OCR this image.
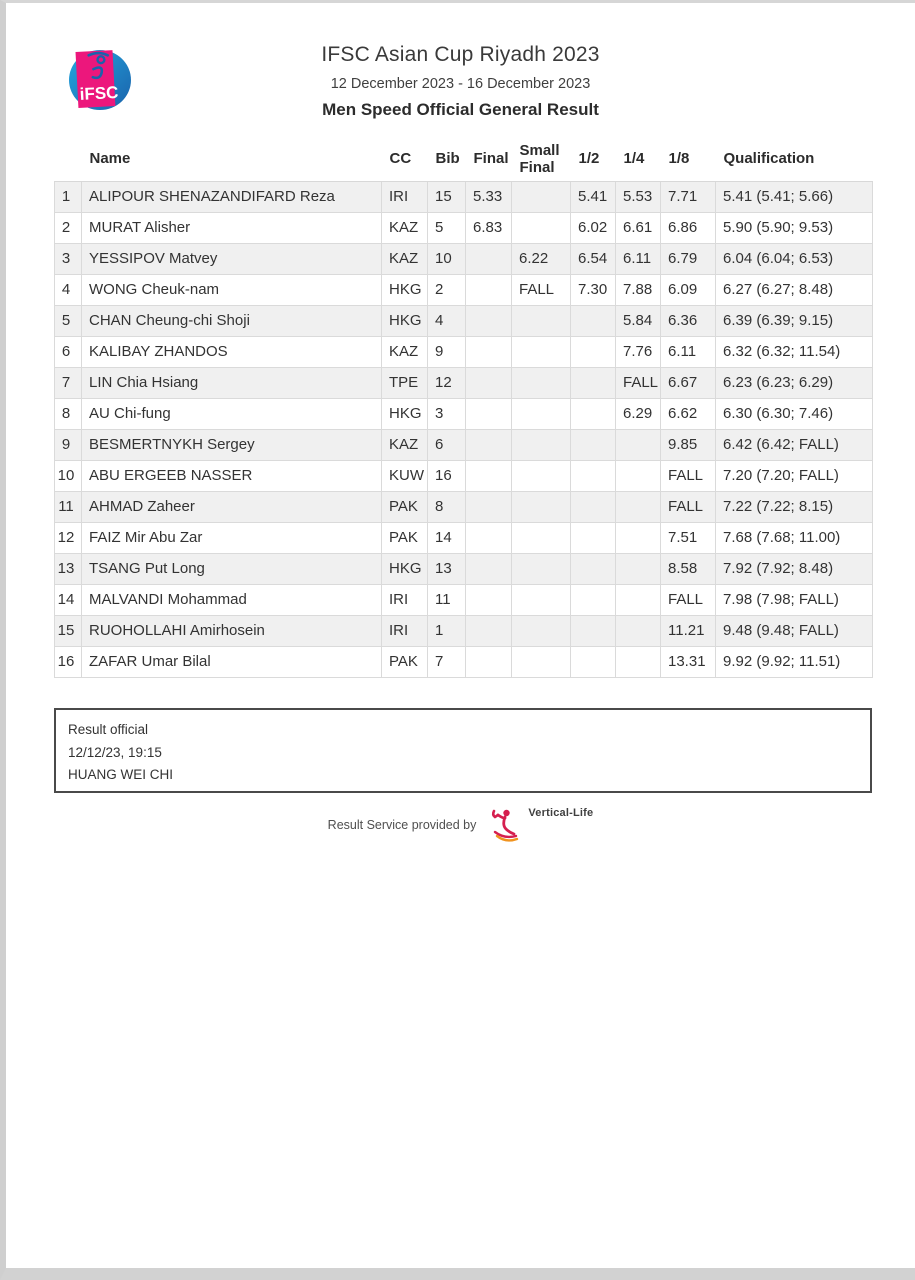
iFSC
IFSC Asian Cup Riyadh 2023
12 December 2023 - 16 December 2023
Men Speed Official General Result
	Name	CC	Bib	Final	Small Final	1/2	1/4	1/8	Qualification
1	ALIPOUR SHENAZANDIFARD Reza	IRI	15	5.33		5.41	5.53	7.71	5.41 (5.41; 5.66)
2	MURAT Alisher	KAZ	5	6.83		6.02	6.61	6.86	5.90 (5.90; 9.53)
3	YESSIPOV Matvey	KAZ	10		6.22	6.54	6.11	6.79	6.04 (6.04; 6.53)
4	WONG Cheuk-nam	HKG	2		FALL	7.30	7.88	6.09	6.27 (6.27; 8.48)
5	CHAN Cheung-chi Shoji	HKG	4				5.84	6.36	6.39 (6.39; 9.15)
6	KALIBAY ZHANDOS	KAZ	9				7.76	6.11	6.32 (6.32; 11.54)
7	LIN Chia Hsiang	TPE	12				FALL	6.67	6.23 (6.23; 6.29)
8	AU Chi-fung	HKG	3				6.29	6.62	6.30 (6.30; 7.46)
9	BESMERTNYKH Sergey	KAZ	6					9.85	6.42 (6.42; FALL)
10	ABU ERGEEB NASSER	KUW	16					FALL	7.20 (7.20; FALL)
11	AHMAD Zaheer	PAK	8					FALL	7.22 (7.22; 8.15)
12	FAIZ Mir Abu Zar	PAK	14					7.51	7.68 (7.68; 11.00)
13	TSANG Put Long	HKG	13					8.58	7.92 (7.92; 8.48)
14	MALVANDI Mohammad	IRI	11					FALL	7.98 (7.98; FALL)
15	RUOHOLLAHI Amirhosein	IRI	1					11.21	9.48 (9.48; FALL)
16	ZAFAR Umar Bilal	PAK	7					13.31	9.92 (9.92; 11.51)
Result official
12/12/23, 19:15
HUANG WEI CHI
Result Service provided by
Vertical-Life
